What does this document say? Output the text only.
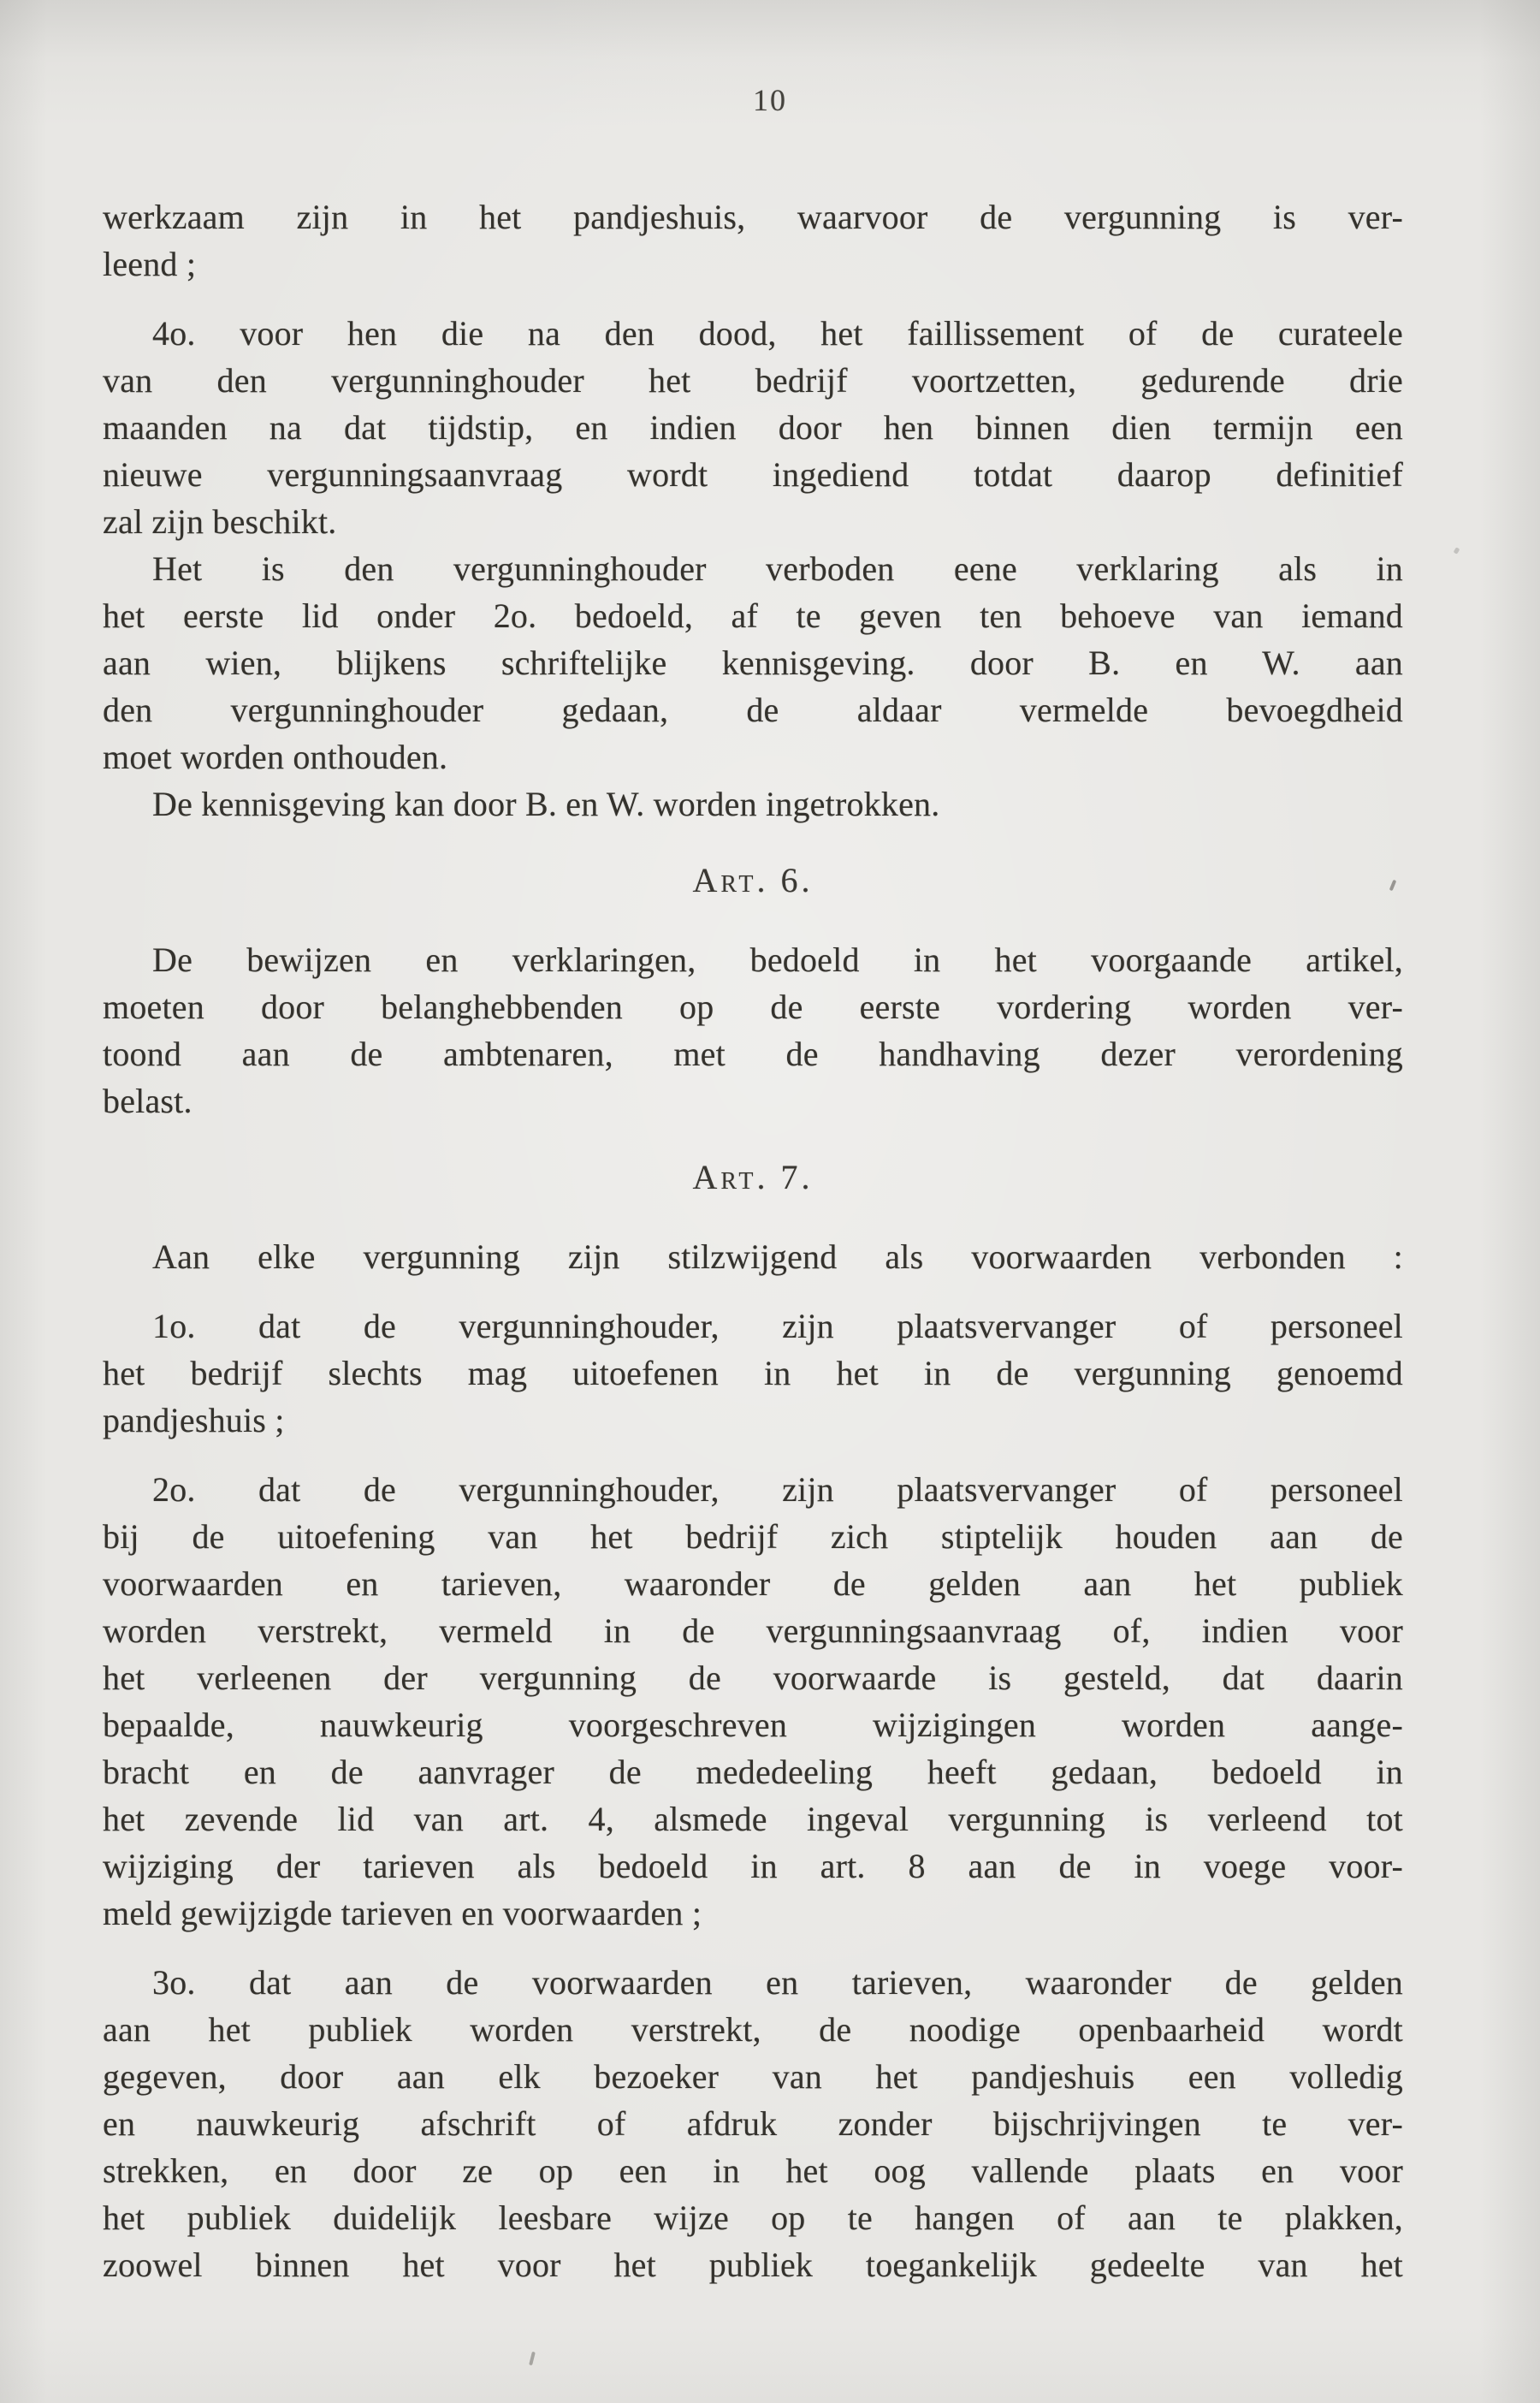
10
werkzaam zijn in het pandjeshuis, waarvoor de vergunning is ver-
leend ;
4o. voor hen die na den dood, het faillissement of de curateele
van den vergunninghouder het bedrijf voortzetten, gedurende drie
maanden na dat tijdstip, en indien door hen binnen dien termijn een
nieuwe vergunningsaanvraag wordt ingediend totdat daarop definitief
zal zijn beschikt.
Het is den vergunninghouder verboden eene verklaring als in
het eerste lid onder 2o. bedoeld, af te geven ten behoeve van iemand
aan wien, blijkens schriftelijke kennisgeving. door B. en W. aan
den vergunninghouder gedaan, de aldaar vermelde bevoegdheid
moet worden onthouden.
De kennisgeving kan door B. en W. worden ingetrokken.
Art. 6.
De bewijzen en verklaringen, bedoeld in het voorgaande artikel,
moeten door belanghebbenden op de eerste vordering worden ver-
toond aan de ambtenaren, met de handhaving dezer verordening
belast.
Art. 7.
Aan elke vergunning zijn stilzwijgend als voorwaarden verbonden :
1o. dat de vergunninghouder, zijn plaatsvervanger of personeel
het bedrijf slechts mag uitoefenen in het in de vergunning genoemd
pandjeshuis ;
2o. dat de vergunninghouder, zijn plaatsvervanger of personeel
bij de uitoefening van het bedrijf zich stiptelijk houden aan de
voorwaarden en tarieven, waaronder de gelden aan het publiek
worden verstrekt, vermeld in de vergunningsaanvraag of, indien voor
het verleenen der vergunning de voorwaarde is gesteld, dat daarin
bepaalde, nauwkeurig voorgeschreven wijzigingen worden aange-
bracht en de aanvrager de mededeeling heeft gedaan, bedoeld in
het zevende lid van art. 4, alsmede ingeval vergunning is verleend tot
wijziging der tarieven als bedoeld in art. 8 aan de in voege voor-
meld gewijzigde tarieven en voorwaarden ;
3o. dat aan de voorwaarden en tarieven, waaronder de gelden
aan het publiek worden verstrekt, de noodige openbaarheid wordt
gegeven, door aan elk bezoeker van het pandjeshuis een volledig
en nauwkeurig afschrift of afdruk zonder bijschrijvingen te ver-
strekken, en door ze op een in het oog vallende plaats en voor
het publiek duidelijk leesbare wijze op te hangen of aan te plakken,
zoowel binnen het voor het publiek toegankelijk gedeelte van het
